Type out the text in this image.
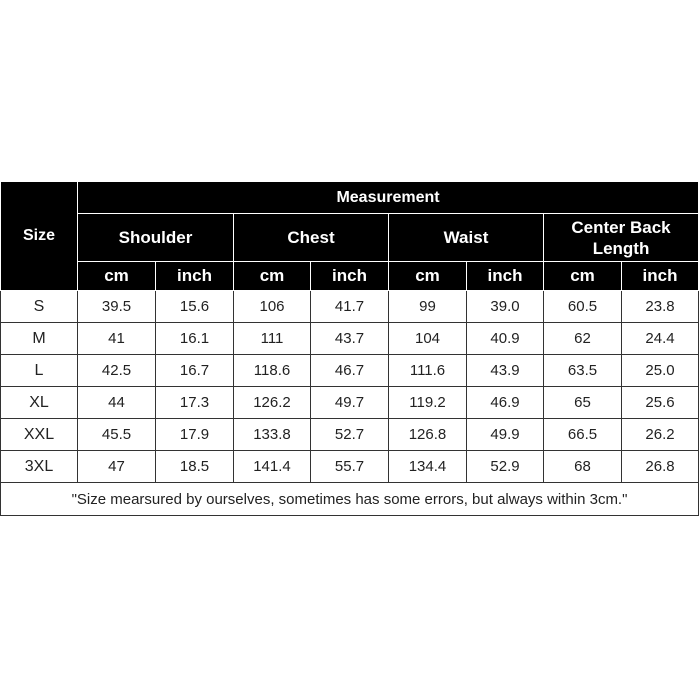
Size	Measurement							
	Shoulder		Chest		Waist		Center Back Length	
	cm	inch	cm	inch	cm	inch	cm	inch
S	39.5	15.6	106	41.7	99	39.0	60.5	23.8
M	41	16.1	111	43.7	104	40.9	62	24.4
L	42.5	16.7	118.6	46.7	111.6	43.9	63.5	25.0
XL	44	17.3	126.2	49.7	119.2	46.9	65	25.6
XXL	45.5	17.9	133.8	52.7	126.8	49.9	66.5	26.2
3XL	47	18.5	141.4	55.7	134.4	52.9	68	26.8
"Size mearsured by ourselves, sometimes has some errors, but always within 3cm."								
